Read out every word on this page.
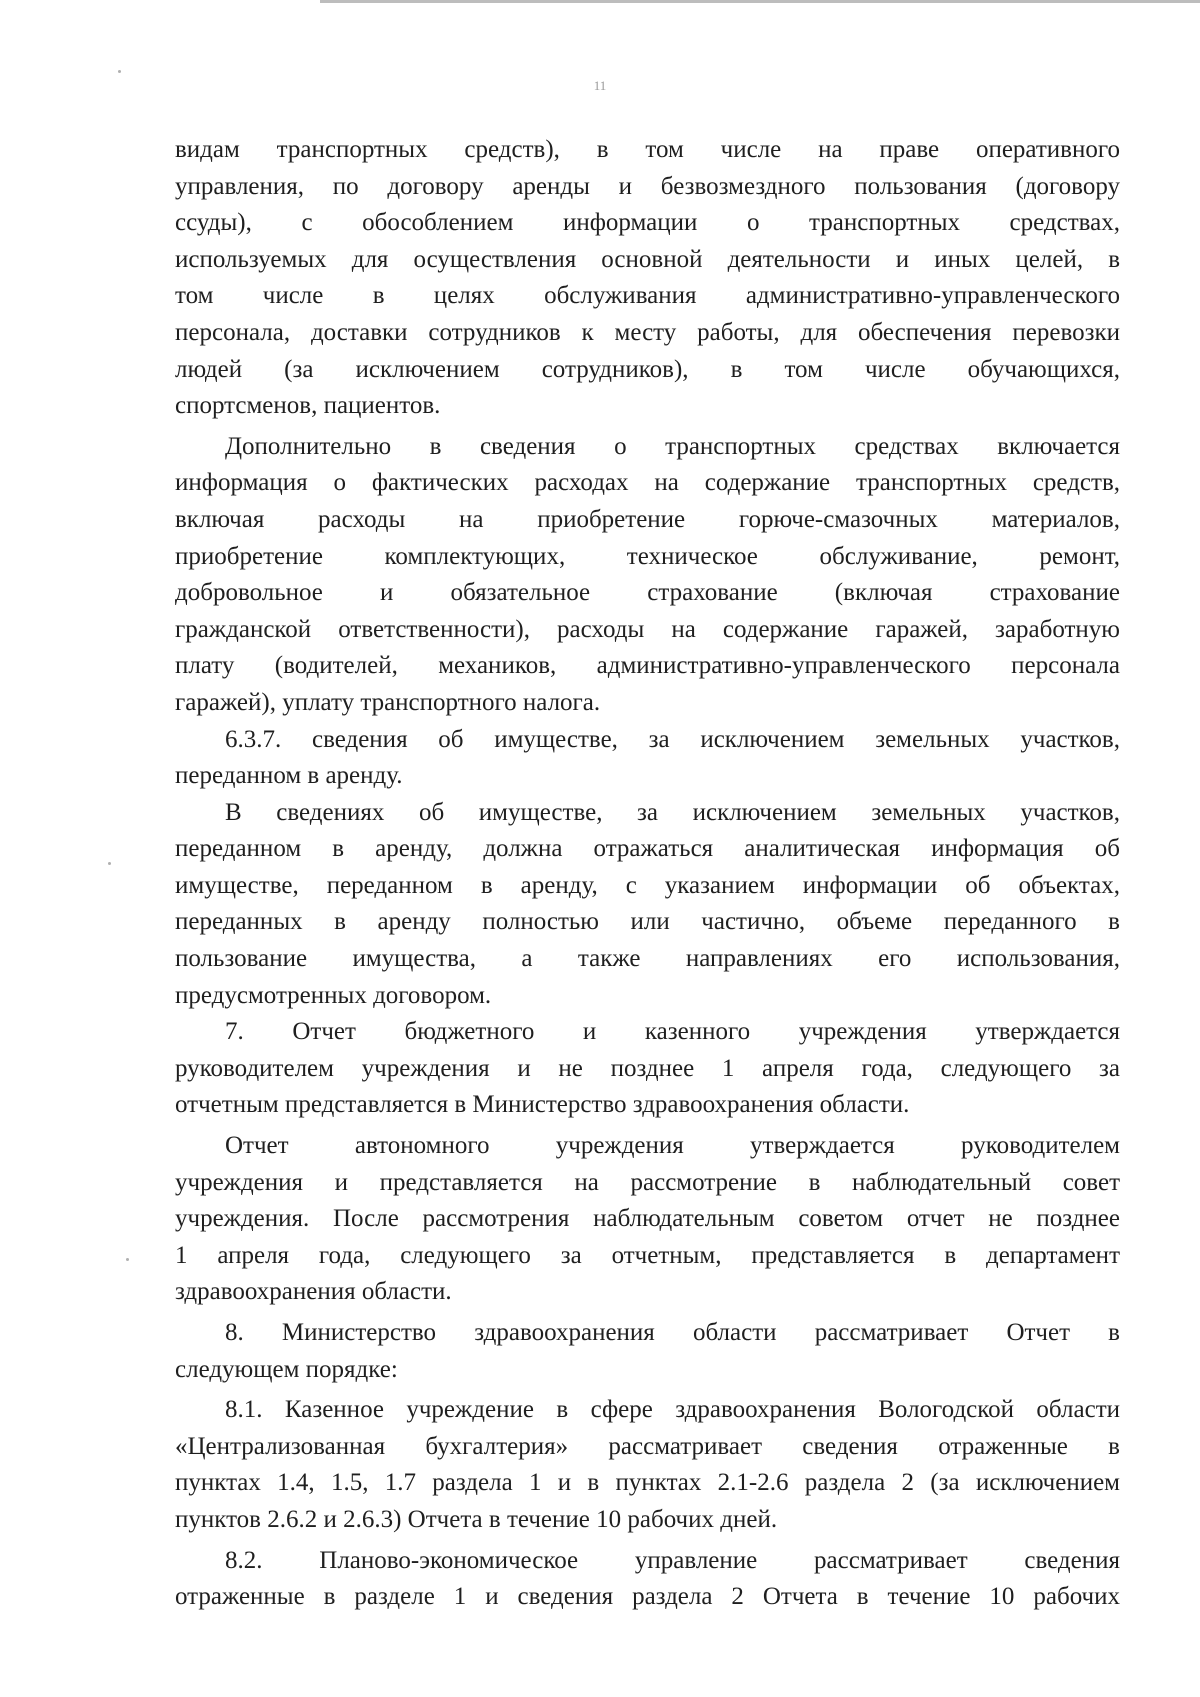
11

видам транспортных средств), в том числе на праве оперативного
управления, по договору аренды и безвозмездного пользования (договору
ссуды), с обособлением информации о транспортных средствах,
используемых для осуществления основной деятельности и иных целей, в
том числе в целях обслуживания административно-управленческого
персонала, доставки сотрудников к месту работы, для обеспечения перевозки
людей (за исключением сотрудников), в том числе обучающихся,
спортсменов, пациентов.

Дополнительно в сведения о транспортных средствах включается
информация о фактических расходах на содержание транспортных средств,
включая расходы на приобретение горюче-смазочных материалов,
приобретение комплектующих, техническое обслуживание, ремонт,
добровольное и обязательное страхование (включая страхование
гражданской ответственности), расходы на содержание гаражей, заработную
плату (водителей, механиков, административно-управленческого персонала
гаражей), уплату транспортного налога.

6.3.7. сведения об имуществе, за исключением земельных участков,
переданном в аренду.

В сведениях об имуществе, за исключением земельных участков,
переданном в аренду, должна отражаться аналитическая информация об
имуществе, переданном в аренду, с указанием информации об объектах,
переданных в аренду полностью или частично, объеме переданного в
пользование имущества, а также направлениях его использования,
предусмотренных договором.

7. Отчет бюджетного и казенного учреждения утверждается
руководителем учреждения и не позднее 1 апреля года, следующего за
отчетным представляется в Министерство здравоохранения области.

Отчет автономного учреждения утверждается руководителем
учреждения и представляется на рассмотрение в наблюдательный совет
учреждения. После рассмотрения наблюдательным советом отчет не позднее
1 апреля года, следующего за отчетным, представляется в департамент
здравоохранения области.

8. Министерство здравоохранения области рассматривает Отчет в
следующем порядке:

8.1. Казенное учреждение в сфере здравоохранения Вологодской области
«Централизованная бухгалтерия» рассматривает сведения отраженные в
пунктах 1.4, 1.5, 1.7 раздела 1 и в пунктах 2.1-2.6 раздела 2 (за исключением
пунктов 2.6.2 и 2.6.3) Отчета в течение 10 рабочих дней.

8.2. Планово-экономическое управление рассматривает сведения
отраженные в разделе 1 и сведения раздела 2 Отчета в течение 10 рабочих
